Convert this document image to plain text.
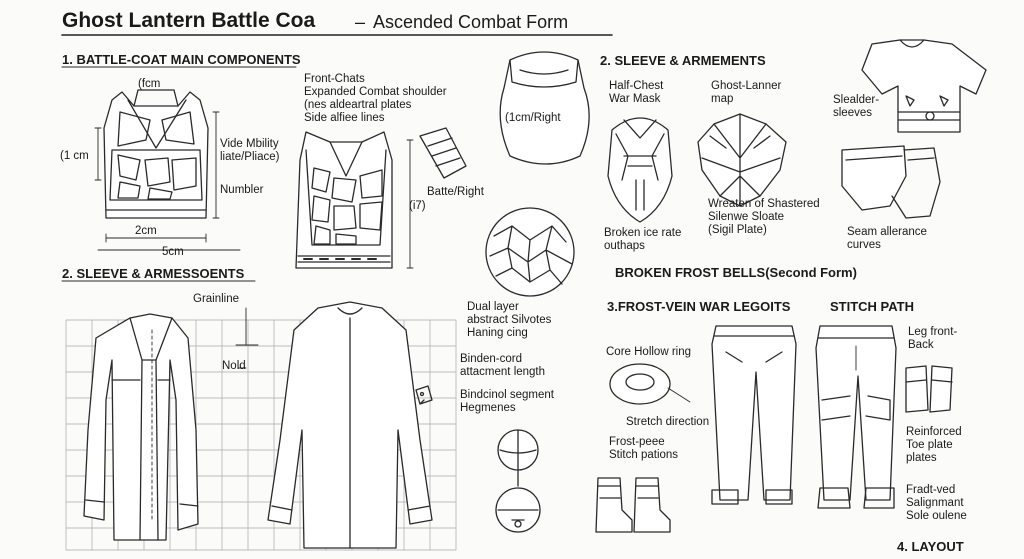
Ghost Lantern Battle Coa – Ascended Combat Form
1. BATTLE-COAT MAIN COMPONENTS	2. SLEEVE & ARMEMENTS
2. SLEEVE & ARMESSOENTS	BROKEN FROST BELLS(Second Form)
3.FROST-VEIN WAR LEGOITS	STITCH PATH
4. LAYOUT
(fcm	Front-Chats
Expanded Combat shoulder
(nes aldeartral plates
Side alfiee lines
(1 cm
Vide Mbility
liate/Pliace)
Numbler
2cm
5cm
(1cm/Right
Batte/Right
(i7)
Half-Chest
War Mask
Ghost-Lanner
map
Broken ice rate
outhaps
Wreaten of Shastered
Silenwe Sloate
(Sigil Plate)
Slealder-
sleeves
Seam allerance
curves
Grainline
Nold
Dual layer
abstract Silvotes
Haning cing
Binden-cord
attacment length
Bindcinol segment
Hegmenes
Core Hollow ring
Stretch direction
Frost-peee
Stitch pations
Leg front-
Back
Reinforced
Toe plate
plates
Fradt-ved
Salignmant
Sole oulene
